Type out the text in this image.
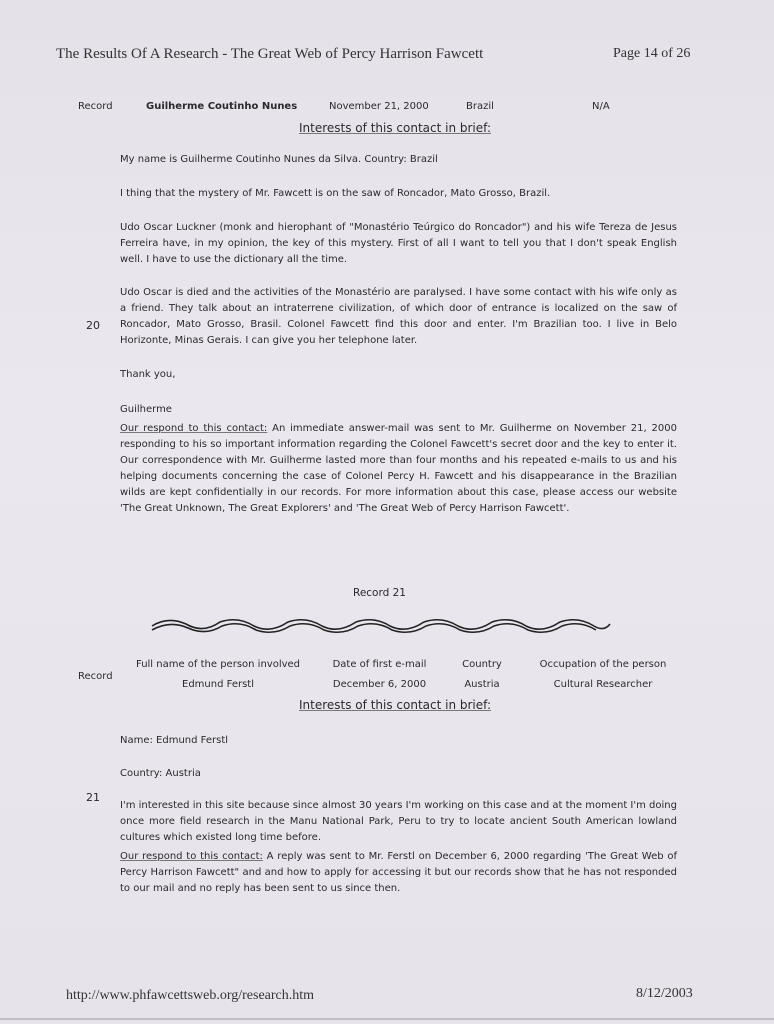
The Results Of A Research - The Great Web of Percy Harrison Fawcett	Page 14 of 26
Record	Guilherme Coutinho Nunes	November 21, 2000	Brazil	N/A
Interests of this contact in brief:

My name is Guilherme Coutinho Nunes da Silva. Country: Brazil

I thing that the mystery of Mr. Fawcett is on the saw of Roncador, Mato Grosso, Brazil.

Udo Oscar Luckner (monk and hierophant of "Monastério Teúrgico do Roncador") and his wife Tereza de Jesus Ferreira have, in my opinion, the key of this mystery. First of all I want to tell you that I don't speak English well. I have to use the dictionary all the time.

Udo Oscar is died and the activities of the Monastério are paralysed. I have some contact with his wife only as a friend. They talk about an intraterrene civilization, of which door of entrance is localized on the saw of Roncador, Mato Grosso, Brasil. Colonel Fawcett find this door and enter. I'm Brazilian too. I live in Belo Horizonte, Minas Gerais. I can give you her telephone later.

20

Thank you,

Guilherme

Our respond to this contact: An immediate answer-mail was sent to Mr. Guilherme on November 21, 2000 responding to his so important information regarding the Colonel Fawcett's secret door and the key to enter it. Our correspondence with Mr. Guilherme lasted more than four months and his repeated e-mails to us and his helping documents concerning the case of Colonel Percy H. Fawcett and his disappearance in the Brazilian wilds are kept confidentially in our records. For more information about this case, please access our website 'The Great Unknown, The Great Explorers' and 'The Great Web of Percy Harrison Fawcett'.

Record 21
Record
Full name of the person involved	Date of first e-mail	Country	Occupation of the person
Edmund Ferstl	December 6, 2000	Austria	Cultural Researcher
Interests of this contact in brief:

Name: Edmund Ferstl

Country: Austria

21

I'm interested in this site because since almost 30 years I'm working on this case and at the moment I'm doing once more field research in the Manu National Park, Peru to try to locate ancient South American lowland cultures which existed long time before.

Our respond to this contact: A reply was sent to Mr. Ferstl on December 6, 2000 regarding 'The Great Web of Percy Harrison Fawcett" and and how to apply for accessing it but our records show that he has not responded to our mail and no reply has been sent to us since then.

http://www.phfawcettsweb.org/research.htm	8/12/2003
